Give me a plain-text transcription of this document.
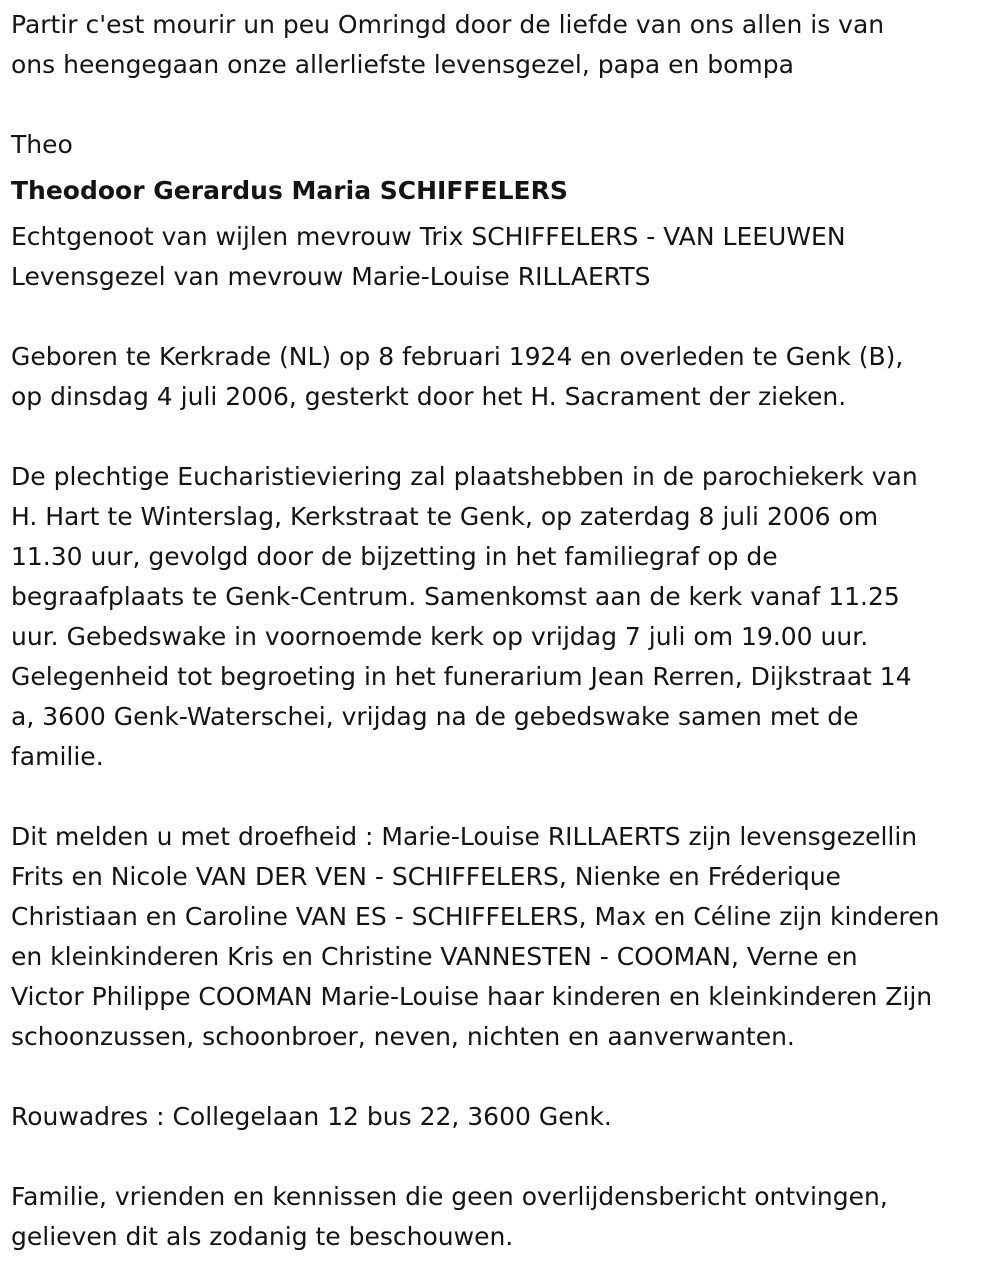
Partir c'est mourir un peu Omringd door de liefde van ons allen is van

ons heengegaan onze allerliefste levensgezel, papa en bompa

Theo

Theodoor Gerardus Maria SCHIFFELERS

Echtgenoot van wijlen mevrouw Trix SCHIFFELERS - VAN LEEUWEN

Levensgezel van mevrouw Marie-Louise RILLAERTS

Geboren te Kerkrade (NL) op 8 februari 1924 en overleden te Genk (B),

op dinsdag 4 juli 2006, gesterkt door het H. Sacrament der zieken.

De plechtige Eucharistieviering zal plaatshebben in de parochiekerk van

H. Hart te Winterslag, Kerkstraat te Genk, op zaterdag 8 juli 2006 om

11.30 uur, gevolgd door de bijzetting in het familiegraf op de

begraafplaats te Genk-Centrum. Samenkomst aan de kerk vanaf 11.25

uur. Gebedswake in voornoemde kerk op vrijdag 7 juli om 19.00 uur.

Gelegenheid tot begroeting in het funerarium Jean Rerren, Dijkstraat 14

a, 3600 Genk-Waterschei, vrijdag na de gebedswake samen met de

familie.

Dit melden u met droefheid : Marie-Louise RILLAERTS zijn levensgezellin

Frits en Nicole VAN DER VEN - SCHIFFELERS, Nienke en Fréderique

Christiaan en Caroline VAN ES - SCHIFFELERS, Max en Céline zijn kinderen

en kleinkinderen Kris en Christine VANNESTEN - COOMAN, Verne en

Victor Philippe COOMAN Marie-Louise haar kinderen en kleinkinderen Zijn

schoonzussen, schoonbroer, neven, nichten en aanverwanten.

Rouwadres : Collegelaan 12 bus 22, 3600 Genk.

Familie, vrienden en kennissen die geen overlijdensbericht ontvingen,

gelieven dit als zodanig te beschouwen.
